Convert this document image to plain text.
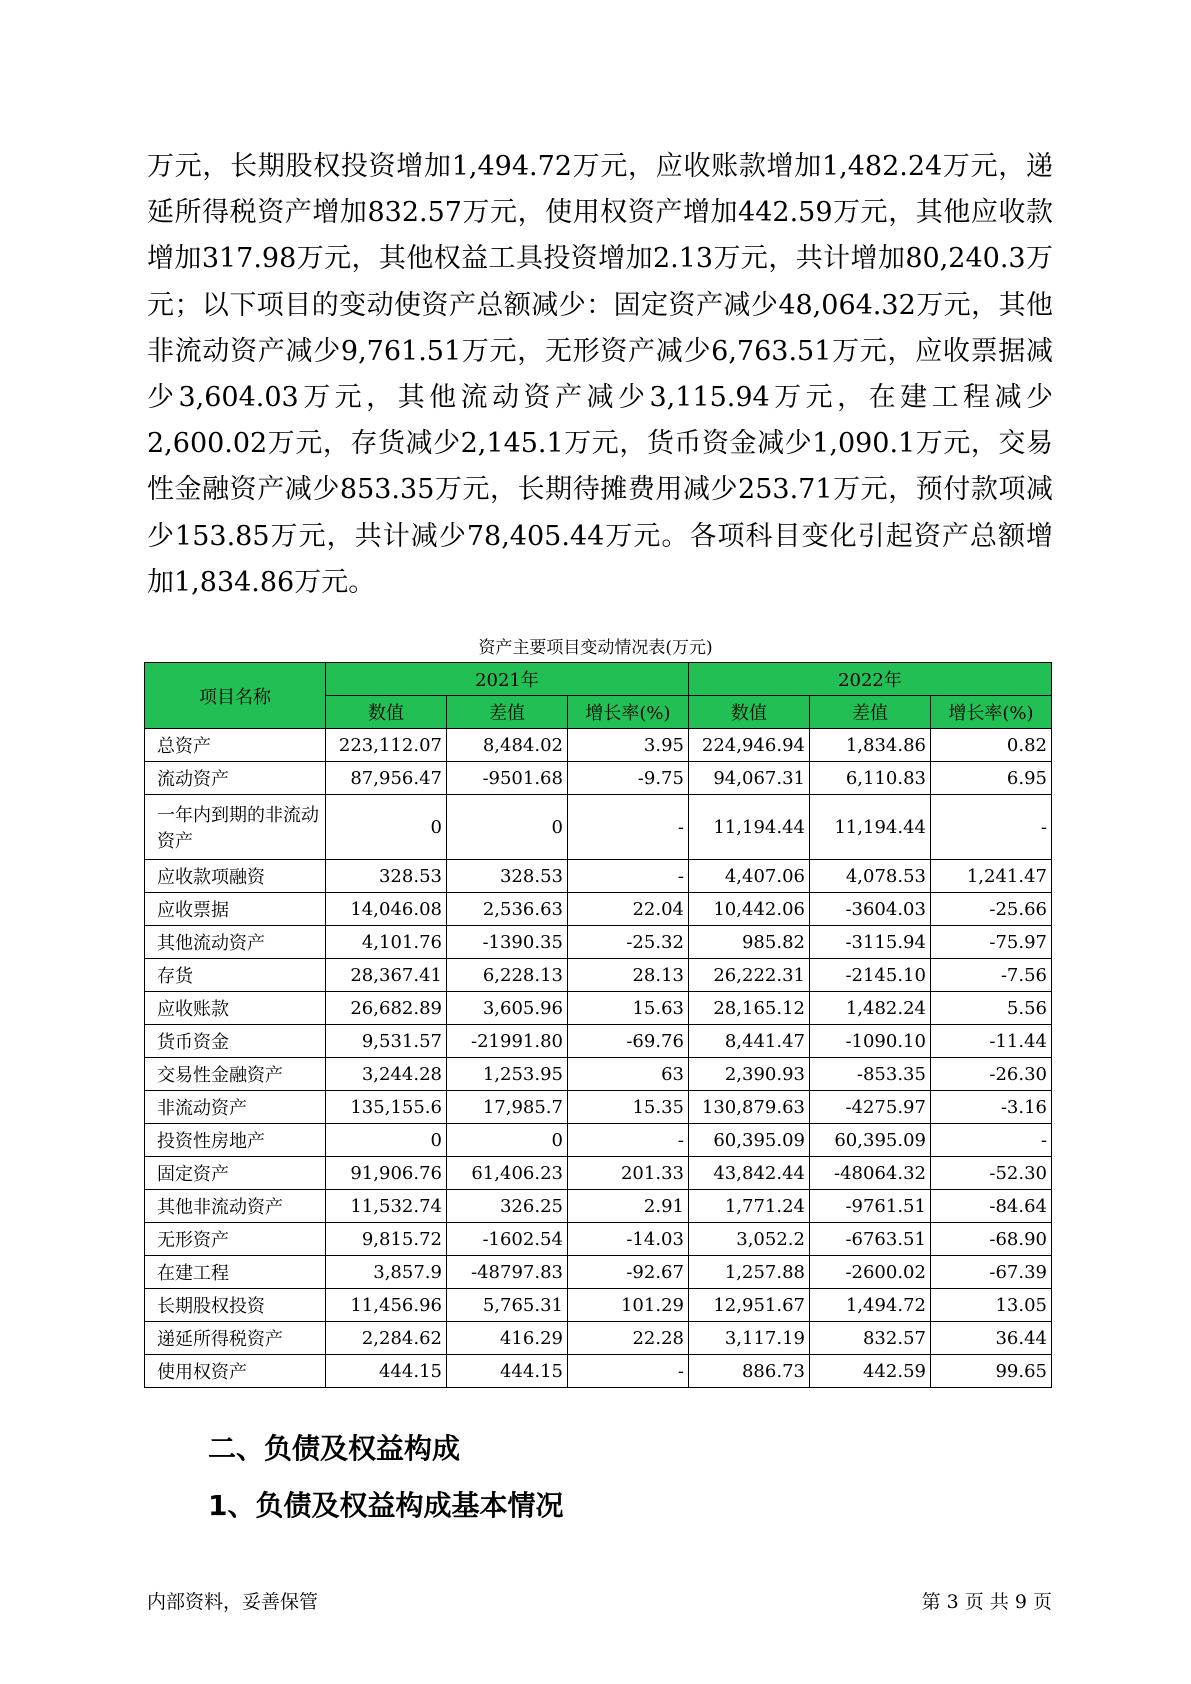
万元，长期股权投资增加1,494.72万元，应收账款增加1,482.24万元，递延所得税资产增加832.57万元，使用权资产增加442.59万元，其他应收款增加317.98万元，其他权益工具投资增加2.13万元，共计增加80,240.3万元；以下项目的变动使资产总额减少：固定资产减少48,064.32万元，其他非流动资产减少9,761.51万元，无形资产减少6,763.51万元，应收票据减少3,604.03万元，其他流动资产减少3,115.94万元，在建工程减少2,600.02万元，存货减少2,145.1万元，货币资金减少1,090.1万元，交易性金融资产减少853.35万元，长期待摊费用减少253.71万元，预付款项减少153.85万元，共计减少78,405.44万元。各项科目变化引起资产总额增加1,834.86万元。

资产主要项目变动情况表(万元)
项目名称	2021年			2022年		
	数值	差值	增长率(%)	数值	差值	增长率(%)
总资产	223,112.07	8,484.02	3.95	224,946.94	1,834.86	0.82
流动资产	87,956.47	-9501.68	-9.75	94,067.31	6,110.83	6.95
一年内到期的非流动资产	0	0	-	11,194.44	11,194.44	-
应收款项融资	328.53	328.53	-	4,407.06	4,078.53	1,241.47
应收票据	14,046.08	2,536.63	22.04	10,442.06	-3604.03	-25.66
其他流动资产	4,101.76	-1390.35	-25.32	985.82	-3115.94	-75.97
存货	28,367.41	6,228.13	28.13	26,222.31	-2145.10	-7.56
应收账款	26,682.89	3,605.96	15.63	28,165.12	1,482.24	5.56
货币资金	9,531.57	-21991.80	-69.76	8,441.47	-1090.10	-11.44
交易性金融资产	3,244.28	1,253.95	63	2,390.93	-853.35	-26.30
非流动资产	135,155.6	17,985.7	15.35	130,879.63	-4275.97	-3.16
投资性房地产	0	0	-	60,395.09	60,395.09	-
固定资产	91,906.76	61,406.23	201.33	43,842.44	-48064.32	-52.30
其他非流动资产	11,532.74	326.25	2.91	1,771.24	-9761.51	-84.64
无形资产	9,815.72	-1602.54	-14.03	3,052.2	-6763.51	-68.90
在建工程	3,857.9	-48797.83	-92.67	1,257.88	-2600.02	-67.39
长期股权投资	11,456.96	5,765.31	101.29	12,951.67	1,494.72	13.05
递延所得税资产	2,284.62	416.29	22.28	3,117.19	832.57	36.44
使用权资产	444.15	444.15	-	886.73	442.59	99.65
二、负债及权益构成
1、负债及权益构成基本情况
内部资料，妥善保管	第 3 页 共 9 页
